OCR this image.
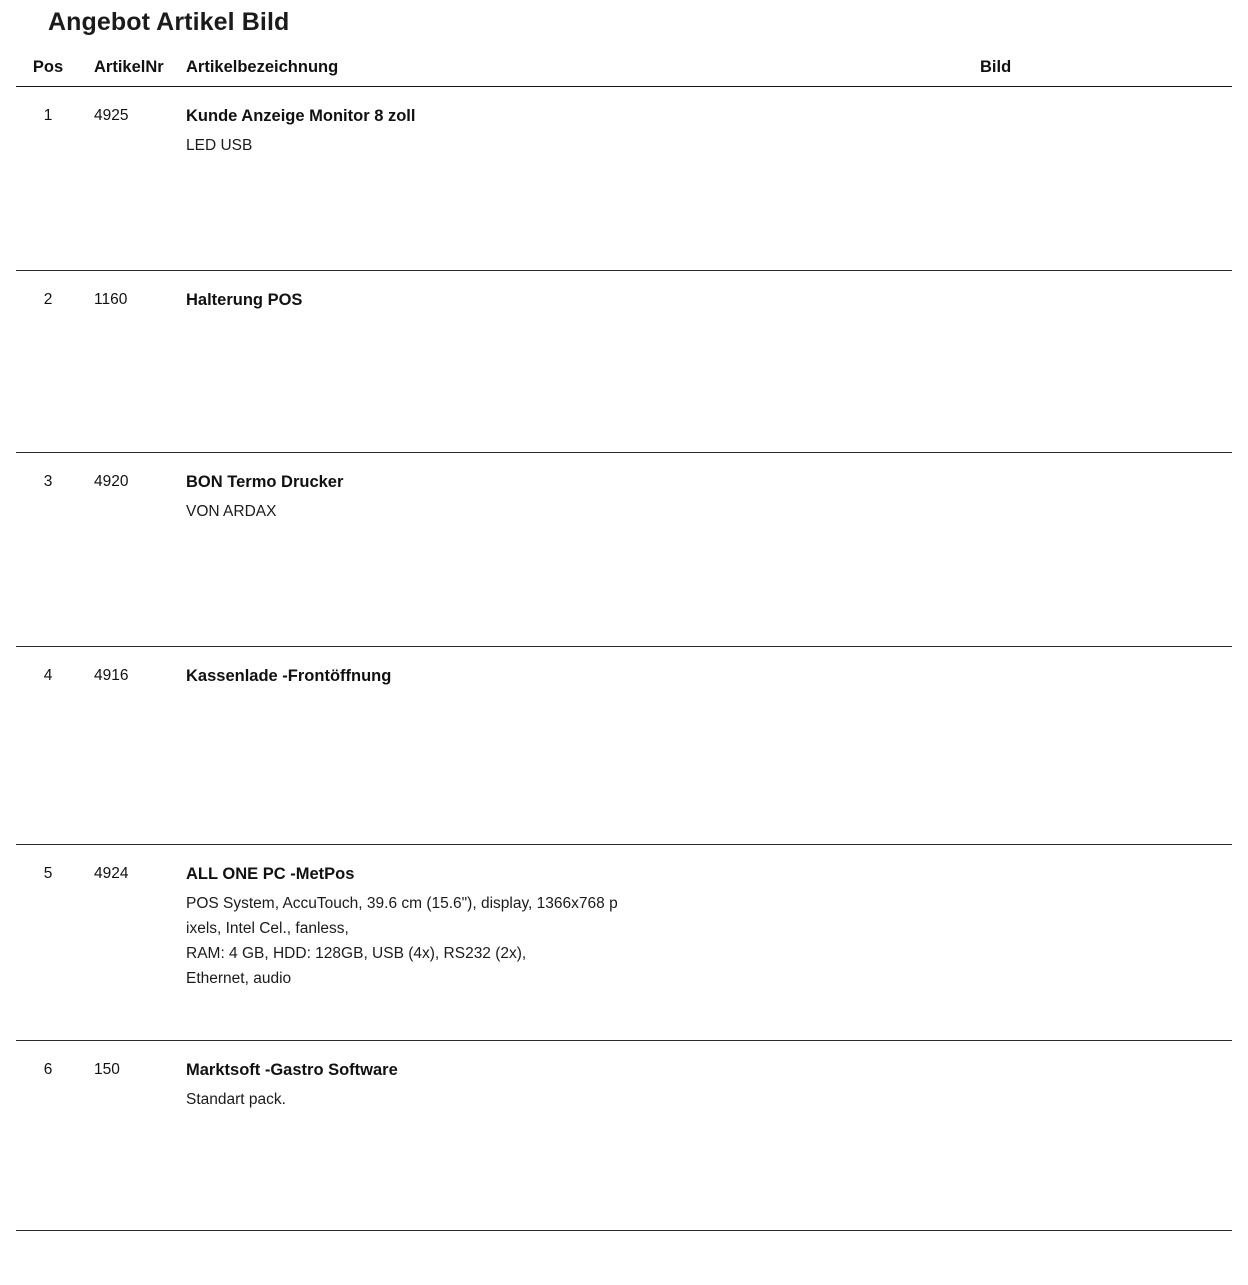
Angebot Artikel Bild
Pos	ArtikelNr	Artikelbezeichnung	Bild
1	4925	Kunde Anzeige Monitor 8 zoll
LED USB

2	1160	Halterung POS	

3	4920	BON Termo Drucker
VON ARDAX

4	4916	Kassenlade -Frontöffnung	

5	4924	ALL ONE PC -MetPos
POS System, AccuTouch, 39.6 cm (15.6"), display, 1366x768 p
ixels, Intel Cel., fanless,
RAM: 4 GB, HDD: 128GB, USB (4x), RS232 (2x),
Ethernet, audio

6	150	Marktsoft -Gastro Software
Standart pack.
